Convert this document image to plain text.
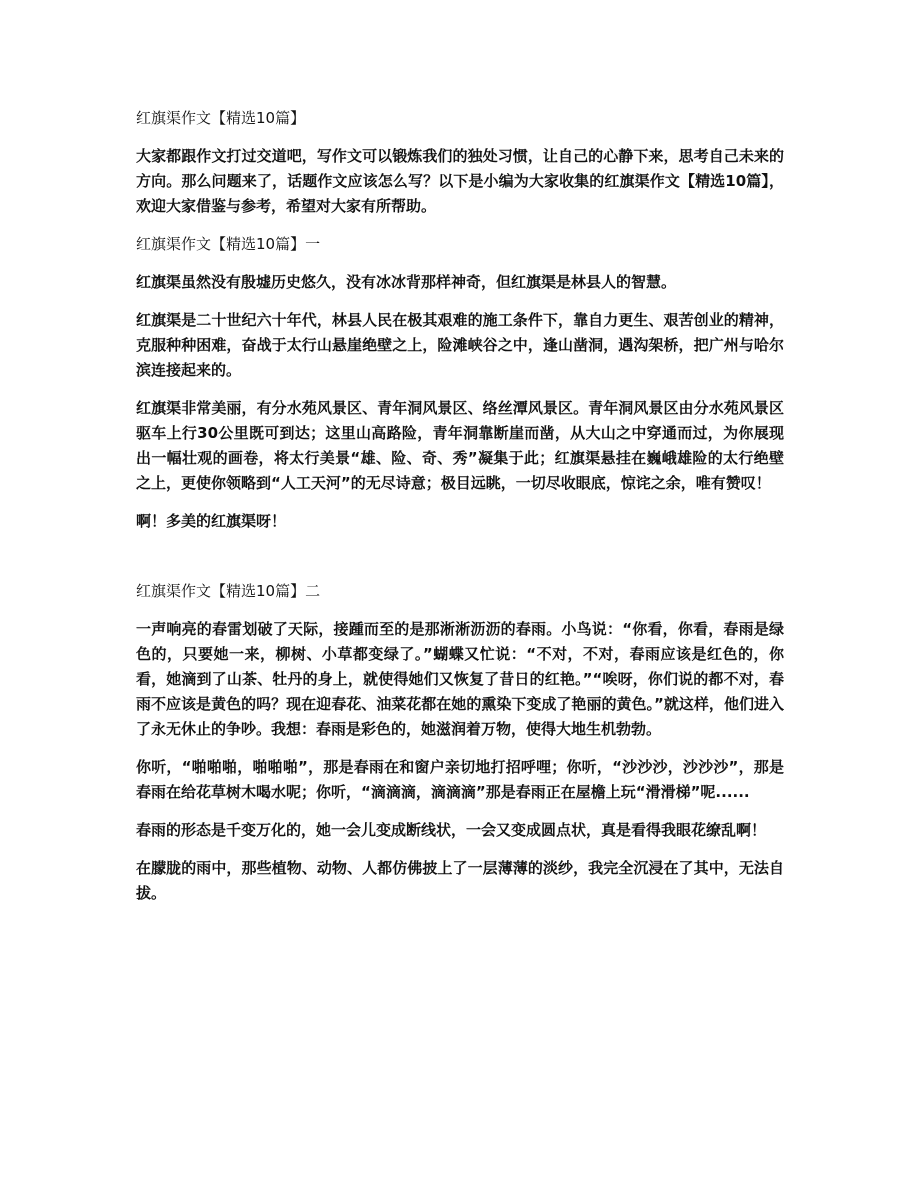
红旗渠作文【精选10篇】

大家都跟作文打过交道吧，写作文可以锻炼我们的独处习惯，让自己的心静下来，思考自己未来的方向。那么问题来了，话题作文应该怎么写？以下是小编为大家收集的红旗渠作文【精选10篇】，欢迎大家借鉴与参考，希望对大家有所帮助。

红旗渠作文【精选10篇】一

红旗渠虽然没有殷墟历史悠久，没有冰冰背那样神奇，但红旗渠是林县人的智慧。

红旗渠是二十世纪六十年代，林县人民在极其艰难的施工条件下，靠自力更生、艰苦创业的精神，克服种种困难，奋战于太行山悬崖绝壁之上，险滩峡谷之中，逢山凿洞，遇沟架桥，把广州与哈尔滨连接起来的。

红旗渠非常美丽，有分水苑风景区、青年洞风景区、络丝潭风景区。青年洞风景区由分水苑风景区驱车上行30公里既可到达；这里山高路险，青年洞靠断崖而凿，从大山之中穿通而过，为你展现出一幅壮观的画卷，将太行美景“雄、险、奇、秀”凝集于此；红旗渠悬挂在巍峨雄险的太行绝壁之上，更使你领略到“人工天河”的无尽诗意；极目远眺，一切尽收眼底，惊诧之余，唯有赞叹！

啊！多美的红旗渠呀！

红旗渠作文【精选10篇】二

一声响亮的春雷划破了天际，接踵而至的是那淅淅沥沥的春雨。小鸟说：“你看，你看，春雨是绿色的，只要她一来，柳树、小草都变绿了。”蝴蝶又忙说：“不对，不对，春雨应该是红色的，你看，她滴到了山茶、牡丹的身上，就使得她们又恢复了昔日的红艳。”“唉呀，你们说的都不对，春雨不应该是黄色的吗？现在迎春花、油菜花都在她的熏染下变成了艳丽的黄色。”就这样，他们进入了永无休止的争吵。我想：春雨是彩色的，她滋润着万物，使得大地生机勃勃。

你听，“啪啪啪，啪啪啪”，那是春雨在和窗户亲切地打招呼哩；你听，“沙沙沙，沙沙沙”，那是春雨在给花草树木喝水呢；你听，“滴滴滴，滴滴滴”那是春雨正在屋檐上玩“滑滑梯”呢......

春雨的形态是千变万化的，她一会儿变成断线状，一会又变成圆点状，真是看得我眼花缭乱啊！

在朦胧的雨中，那些植物、动物、人都仿佛披上了一层薄薄的淡纱，我完全沉浸在了其中，无法自拔。
